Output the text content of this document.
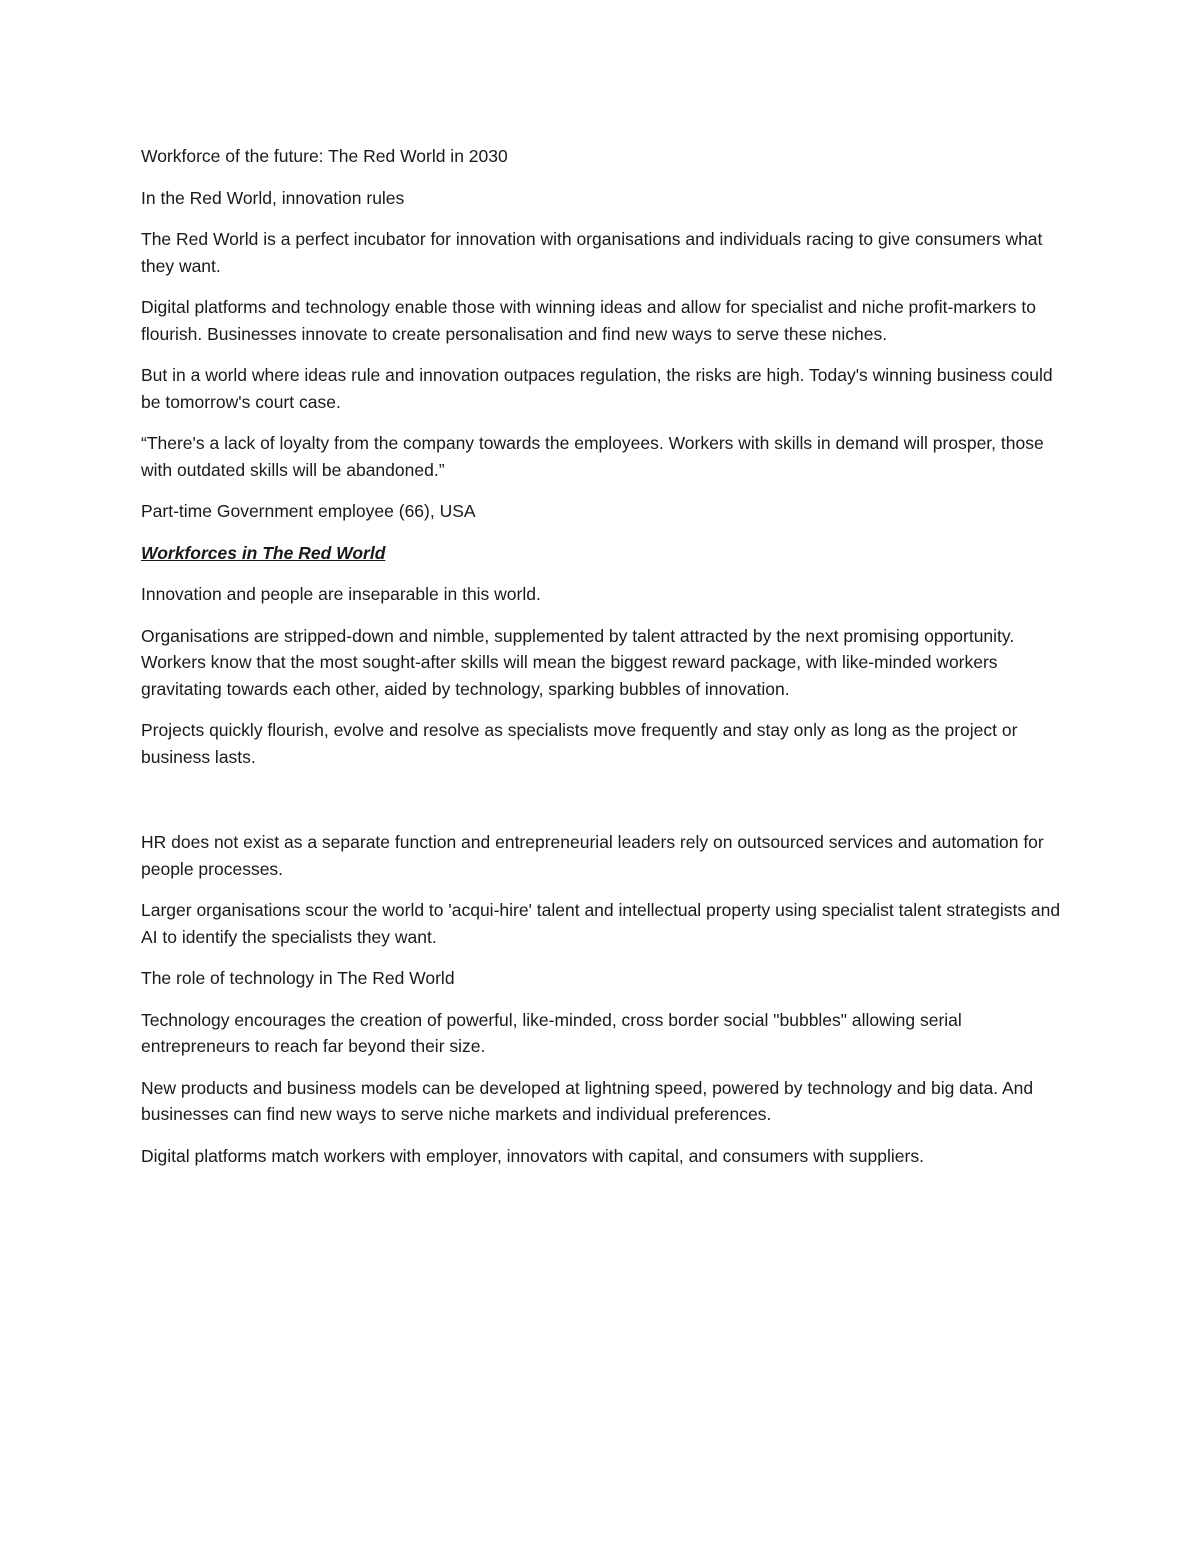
Workforce of the future: The Red World in 2030

In the Red World, innovation rules

The Red World is a perfect incubator for innovation with organisations and individuals racing to give consumers what they want.

Digital platforms and technology enable those with winning ideas and allow for specialist and niche profit-markers to flourish. Businesses innovate to create personalisation and find new ways to serve these niches.

But in a world where ideas rule and innovation outpaces regulation, the risks are high. Today's winning business could be tomorrow's court case.

“There's a lack of loyalty from the company towards the employees. Workers with skills in demand will prosper, those with outdated skills will be abandoned.”

Part-time Government employee (66), USA

Workforces in The Red World

Innovation and people are inseparable in this world.

Organisations are stripped-down and nimble, supplemented by talent attracted by the next promising opportunity. Workers know that the most sought-after skills will mean the biggest reward package, with like-minded workers gravitating towards each other, aided by technology, sparking bubbles of innovation.

Projects quickly flourish, evolve and resolve as specialists move frequently and stay only as long as the project or business lasts.

HR does not exist as a separate function and entrepreneurial leaders rely on outsourced services and automation for people processes.

Larger organisations scour the world to 'acqui-hire' talent and intellectual property using specialist talent strategists and AI to identify the specialists they want.

The role of technology in The Red World

Technology encourages the creation of powerful, like-minded, cross border social "bubbles" allowing serial entrepreneurs to reach far beyond their size.

New products and business models can be developed at lightning speed, powered by technology and big data. And businesses can find new ways to serve niche markets and individual preferences.

Digital platforms match workers with employer, innovators with capital, and consumers with suppliers.
